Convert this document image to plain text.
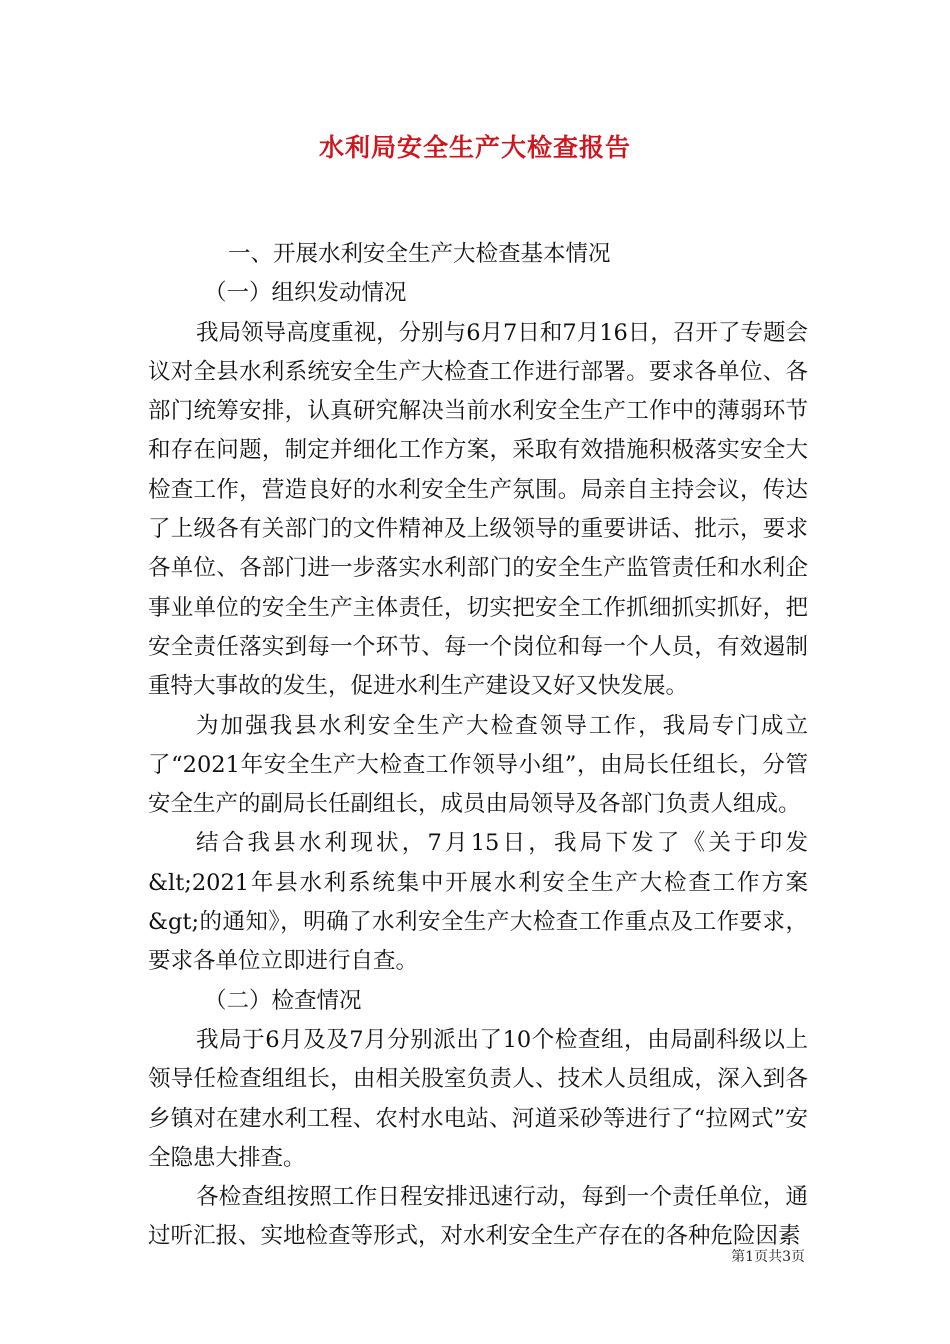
水利局安全生产大检查报告

一、开展水利安全生产大检查基本情况

（一）组织发动情况

我局领导高度重视，分别与6月7日和7月16日，召开了专题会议对全县水利系统安全生产大检查工作进行部署。要求各单位、各部门统筹安排，认真研究解决当前水利安全生产工作中的薄弱环节和存在问题，制定并细化工作方案，采取有效措施积极落实安全大检查工作，营造良好的水利安全生产氛围。局亲自主持会议，传达了上级各有关部门的文件精神及上级领导的重要讲话、批示，要求各单位、各部门进一步落实水利部门的安全生产监管责任和水利企事业单位的安全生产主体责任，切实把安全工作抓细抓实抓好，把安全责任落实到每一个环节、每一个岗位和每一个人员，有效遏制重特大事故的发生，促进水利生产建设又好又快发展。

为加强我县水利安全生产大检查领导工作，我局专门成立了“2021年安全生产大检查工作领导小组”，由局长任组长，分管安全生产的副局长任副组长，成员由局领导及各部门负责人组成。

结合我县水利现状，7月15日，我局下发了《关于印发&lt;2021年县水利系统集中开展水利安全生产大检查工作方案&gt;的通知》，明确了水利安全生产大检查工作重点及工作要求，要求各单位立即进行自查。

（二）检查情况

我局于6月及及7月分别派出了10个检查组，由局副科级以上领导任检查组组长，由相关股室负责人、技术人员组成，深入到各乡镇对在建水利工程、农村水电站、河道采砂等进行了“拉网式”安全隐患大排查。

各检查组按照工作日程安排迅速行动，每到一个责任单位，通过听汇报、实地检查等形式，对水利安全生产存在的各种危险因素

第1页共3页
